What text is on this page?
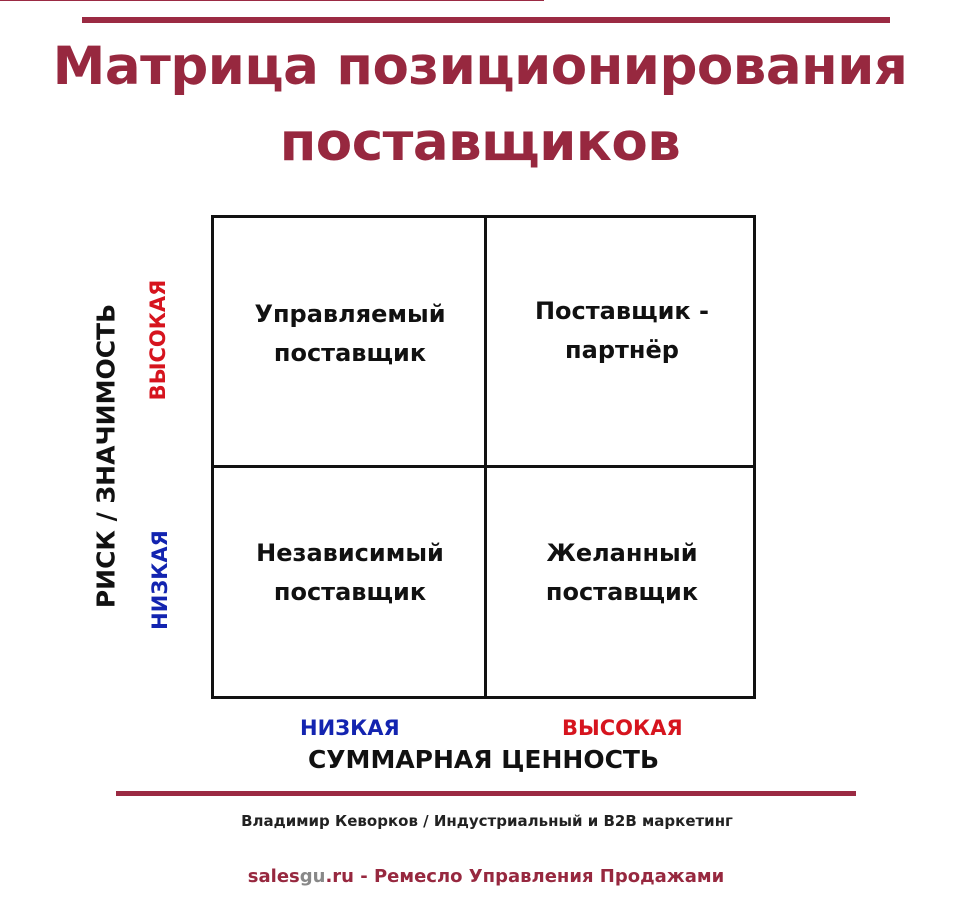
Матрица позиционирования
поставщиков
Управляемый
поставщик
Поставщик -
партнёр
Независимый
поставщик
Желанный
поставщик
НИЗКАЯ	ВЫСОКАЯ
СУММАРНАЯ ЦЕННОСТЬ
ВЫСОКАЯ
НИЗКАЯ
РИСК / ЗНАЧИМОСТЬ
Владимир Кеворков / Индустриальный и B2B маркетинг
salesgu.ru - Ремесло Управления Продажами
